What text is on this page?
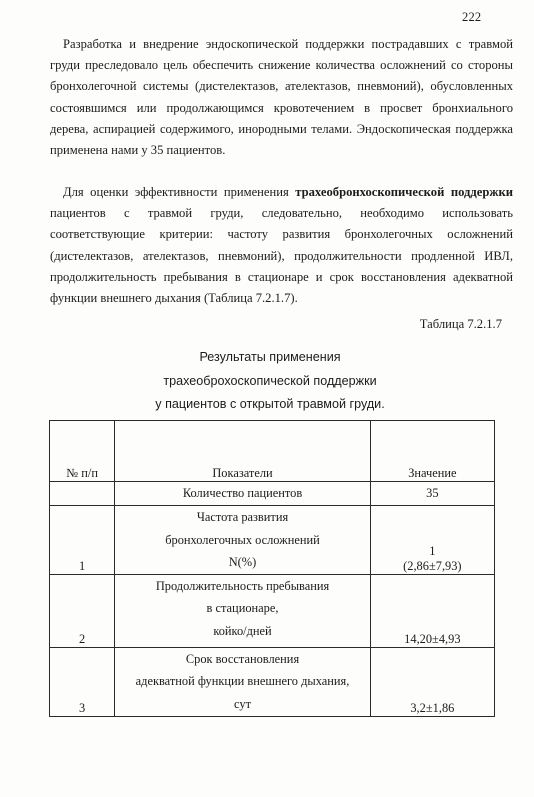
222

Разработка и внедрение эндоскопической поддержки пострадавших с травмой груди преследовало цель обеспечить снижение количества осложнений со стороны бронхолегочной системы (дистелектазов, ателектазов, пневмоний), обусловленных состоявшимся или продолжающимся кровотечением в просвет бронхиального дерева, аспирацией содержимого, инородными телами. Эндоскопическая поддержка применена нами у 35 пациентов.

Для оценки эффективности применения трахеобронхоскопической поддержки пациентов с травмой груди, следовательно, необходимо использовать соответствующие критерии: частоту развития бронхолегочных осложнений (дистелектазов, ателектазов, пневмоний), продолжительности продленной ИВЛ, продолжительность пребывания в стационаре и срок восстановления адекватной функции внешнего дыхания (Таблица 7.2.1.7).

Таблица 7.2.1.7

Результаты применения
трахеоброхоскопической поддержки
у пациентов с открытой травмой груди.
№ п/п	Показатели	Значение

	Количество пациентов	35

1	Частота развития
бронхолегочных осложнений
N(%)	1
(2,86±7,93)

2	Продолжительность пребывания
в стационаре,
койко/дней	14,20±4,93

3	Срок восстановления
адекватной функции внешнего дыхания,
сут	3,2±1,86
